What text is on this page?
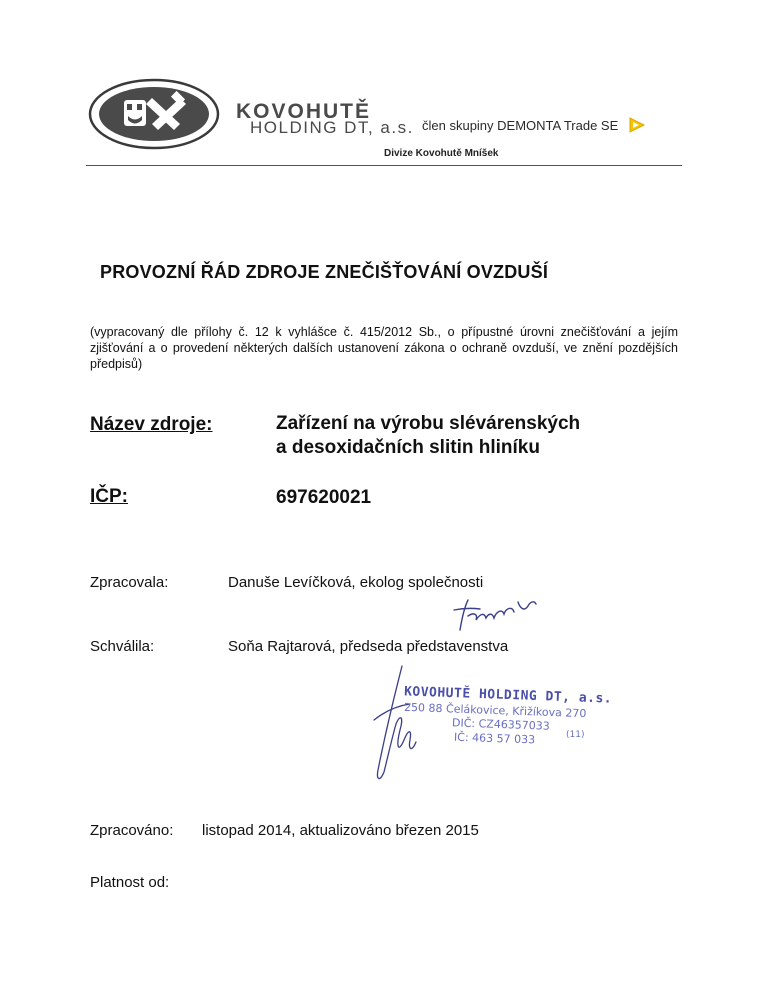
KOVOHUTĚ
HOLDING DT, a.s. člen skupiny DEMONTA Trade SE
Divize Kovohutě Mníšek
PROVOZNÍ ŘÁD ZDROJE ZNEČIŠŤOVÁNÍ OVZDUŠÍ
(vypracovaný dle přílohy č. 12 k vyhlášce č. 415/2012 Sb., o přípustné úrovni znečišťování a jejím zjišťování a o provedení některých dalších ustanovení zákona o ochraně ovzduší, ve znění pozdějších předpisů)
Název zdroje:	Zařízení na výrobu slévárenských
a desoxidačních slitin hliníku
IČP:	697620021
Zpracovala:	Danuše Levíčková, ekolog společnosti
Schválila:	Soňa Rajtarová, předseda představenstva
KOVOHUTĚ HOLDING DT, a.s.
250 88 Čelákovice, Křižíkova 270
DIČ: CZ46357033
IČ: 463 57 033	(11)
Zpracováno: listopad 2014, aktualizováno březen 2015
Platnost od:
